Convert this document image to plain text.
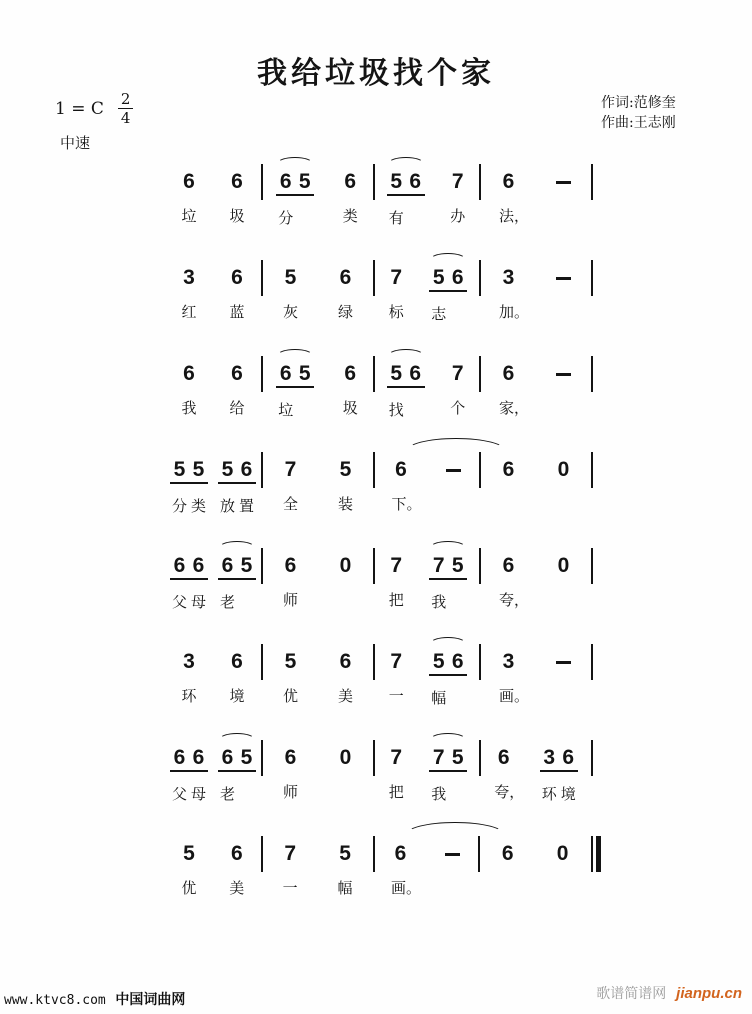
我给垃圾找个家
1 = C $\frac{2}{4}$
中速
作词:范修奎
作曲:王志刚
6
垃
6
圾
6 5
分
6
类
5 6
有
7
办
6
法，
3
红
6
蓝
5
灰
6
绿
7
标
5 6
志
3
加。
6
我
6
给
6 5
垃
6
圾
5 6
找
7
个
6
家，
5 5
分 类
5 6
放 置
7
全
5
装
6
下。
6 0
6 6
父 母
6 5
老
6
师
0 7
把
7 5
我
6
夸，
0
3
环
6
境
5
优
6
美
7
一
5 6
幅
3
画。
6 6
父 母
6 5
老
6
师
0 7
把
7 5
我
6
夸，
3 6
环 境
5
优
6
美
7
一
5
幅
6
画。
6 0
www.ktvc8.com 中国词曲网	歌谱简谱网 jianpu.cn
